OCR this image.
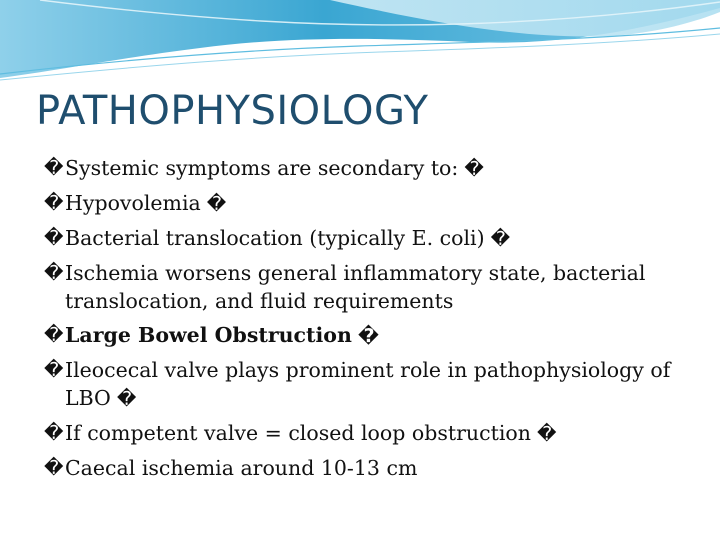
PATHOPHYSIOLOGY
� Systemic symptoms are secondary to: �
� Hypovolemia �
� Bacterial translocation (typically E. coli) �
� Ischemia worsens general inflammatory state, bacterial translocation, and fluid requirements
� Large Bowel Obstruction �
� Ileocecal valve plays prominent role in pathophysiology of LBO �
� If competent valve = closed loop obstruction �
� Caecal ischemia around 10-13 cm
